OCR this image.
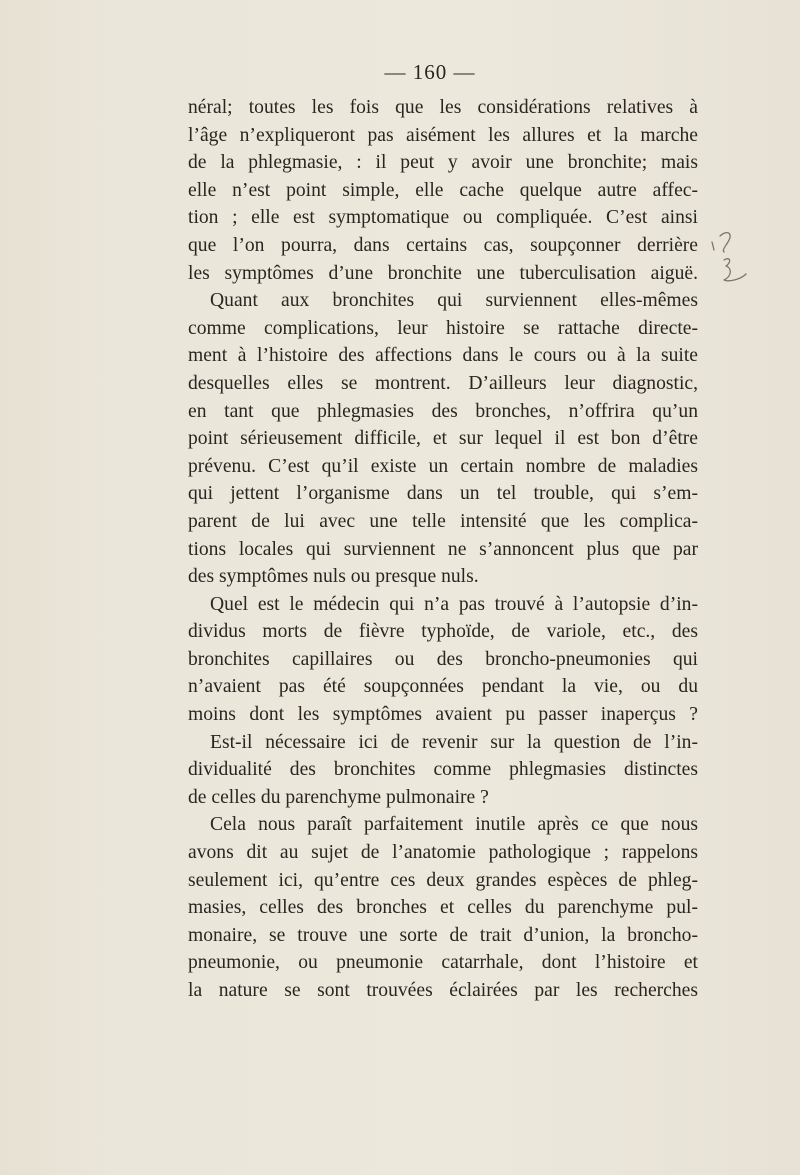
— 160 —
néral; toutes les fois que les considérations relatives à
l’âge n’expliqueront pas aisément les allures et la marche
de la phlegmasie, : il peut y avoir une bronchite; mais
elle n’est point simple, elle cache quelque autre affec-
tion ; elle est symptomatique ou compliquée. C’est ainsi
que l’on pourra, dans certains cas, soupçonner derrière
les symptômes d’une bronchite une tuberculisation aiguë.
Quant aux bronchites qui surviennent elles-mêmes
comme complications, leur histoire se rattache directe-
ment à l’histoire des affections dans le cours ou à la suite
desquelles elles se montrent. D’ailleurs leur diagnostic,
en tant que phlegmasies des bronches, n’offrira qu’un
point sérieusement difficile, et sur lequel il est bon d’être
prévenu. C’est qu’il existe un certain nombre de maladies
qui jettent l’organisme dans un tel trouble, qui s’em-
parent de lui avec une telle intensité que les complica-
tions locales qui surviennent ne s’annoncent plus que par
des symptômes nuls ou presque nuls.
Quel est le médecin qui n’a pas trouvé à l’autopsie d’in-
dividus morts de fièvre typhoïde, de variole, etc., des
bronchites capillaires ou des broncho-pneumonies qui
n’avaient pas été soupçonnées pendant la vie, ou du
moins dont les symptômes avaient pu passer inaperçus ?
Est-il nécessaire ici de revenir sur la question de l’in-
dividualité des bronchites comme phlegmasies distinctes
de celles du parenchyme pulmonaire ?
Cela nous paraît parfaitement inutile après ce que nous
avons dit au sujet de l’anatomie pathologique ; rappelons
seulement ici, qu’entre ces deux grandes espèces de phleg-
masies, celles des bronches et celles du parenchyme pul-
monaire, se trouve une sorte de trait d’union, la broncho-
pneumonie, ou pneumonie catarrhale, dont l’histoire et
la nature se sont trouvées éclairées par les recherches
